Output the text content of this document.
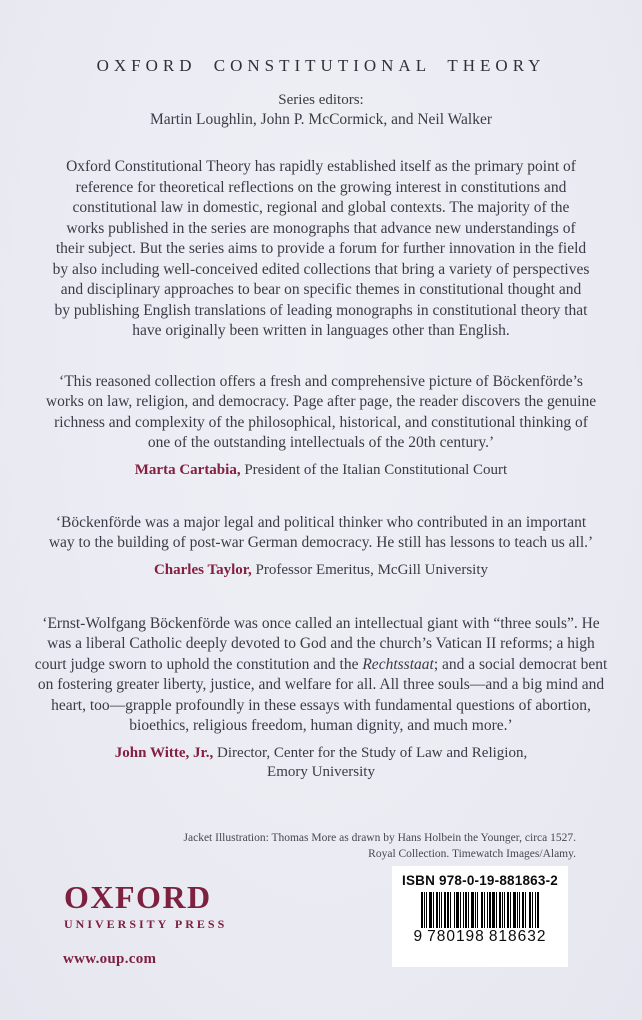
OXFORD CONSTITUTIONAL THEORY
Series editors:
Martin Loughlin, John P. McCormick, and Neil Walker

Oxford Constitutional Theory has rapidly established itself as the primary point of reference for theoretical reflections on the growing interest in constitutions and constitutional law in domestic, regional and global contexts. The majority of the works published in the series are monographs that advance new understandings of their subject. But the series aims to provide a forum for further innovation in the field by also including well-conceived edited collections that bring a variety of perspectives and disciplinary approaches to bear on specific themes in constitutional thought and by publishing English translations of leading monographs in constitutional theory that have originally been written in languages other than English.

‘This reasoned collection offers a fresh and comprehensive picture of Böckenförde’s works on law, religion, and democracy. Page after page, the reader discovers the genuine richness and complexity of the philosophical, historical, and constitutional thinking of one of the outstanding intellectuals of the 20th century.’

Marta Cartabia, President of the Italian Constitutional Court

‘Böckenförde was a major legal and political thinker who contributed in an important way to the building of post-war German democracy. He still has lessons to teach us all.’

Charles Taylor, Professor Emeritus, McGill University

‘Ernst-Wolfgang Böckenförde was once called an intellectual giant with “three souls”. He was a liberal Catholic deeply devoted to God and the church’s Vatican II reforms; a high court judge sworn to uphold the constitution and the Rechtsstaat; and a social democrat bent on fostering greater liberty, justice, and welfare for all. All three souls—and a big mind and heart, too—grapple profoundly in these essays with fundamental questions of abortion, bioethics, religious freedom, human dignity, and much more.’

John Witte, Jr., Director, Center for the Study of Law and Religion,
Emory University

Jacket Illustration: Thomas More as drawn by Hans Holbein the Younger, circa 1527.
Royal Collection. Timewatch Images/Alamy.
OXFORD
UNIVERSITY PRESS
www.oup.com
ISBN 978-0-19-881863-2
9 780198 818632
